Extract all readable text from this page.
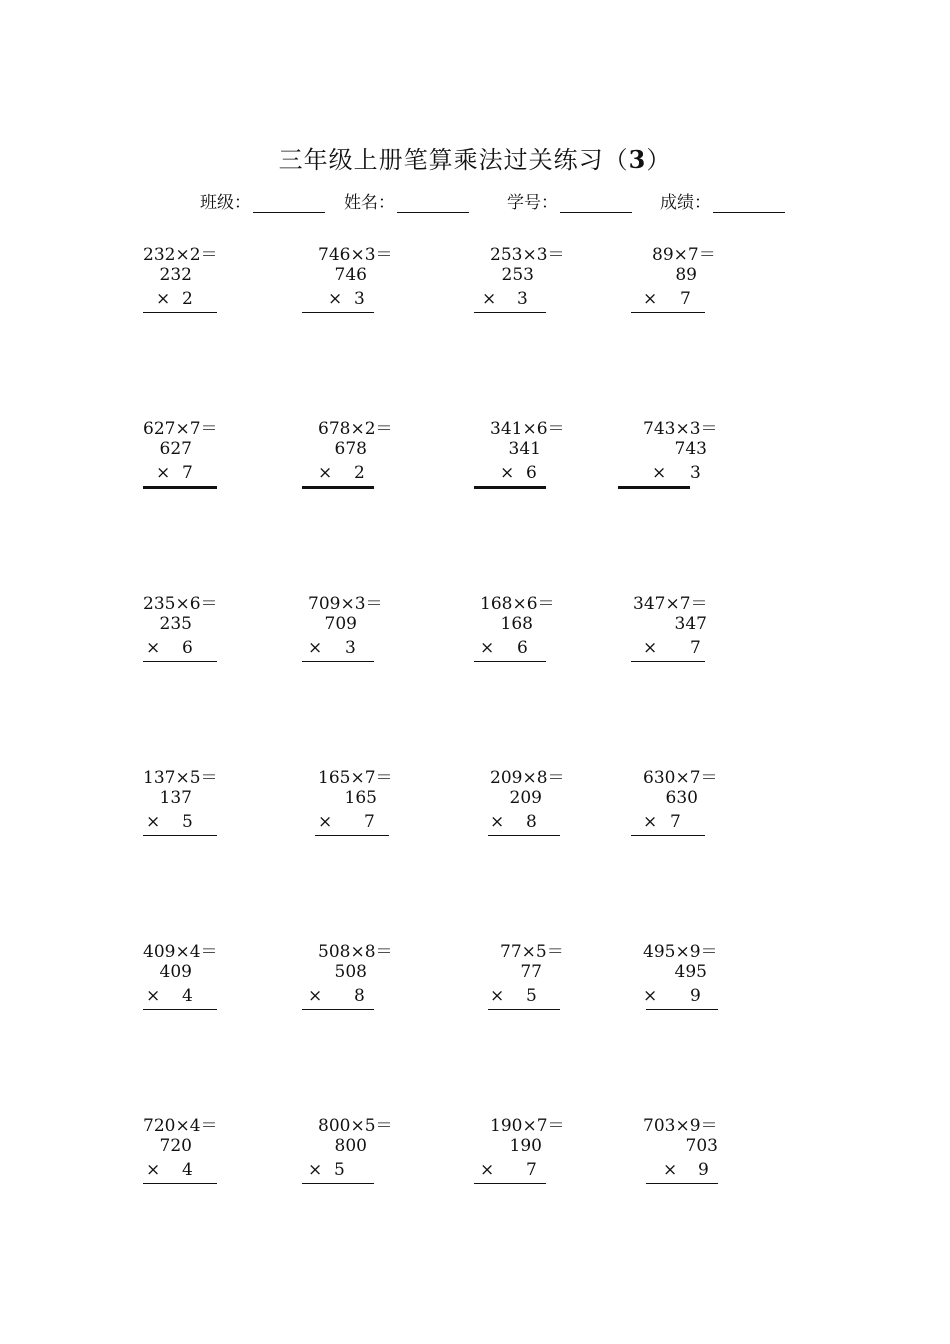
三年级上册笔算乘法过关练习（3）
班级：	姓名：	学号：	成绩：
232×2＝
232
× 2
746×3＝
746
× 3
253×3＝
253
× 3
89×7＝
89
× 7
627×7＝
627
× 7
678×2＝
678
× 2
341×6＝
341
× 6
743×3＝
743
× 3
235×6＝
235
× 6
709×3＝
709
× 3
168×6＝
168
× 6
347×7＝
347
× 7
137×5＝
137
× 5
165×7＝
165
× 7
209×8＝
209
× 8
630×7＝
630
× 7
409×4＝
409
× 4
508×8＝
508
× 8
77×5＝
77
× 5
495×9＝
495
× 9
720×4＝
720
× 4
800×5＝
800
× 5
190×7＝
190
× 7
703×9＝
703
× 9
